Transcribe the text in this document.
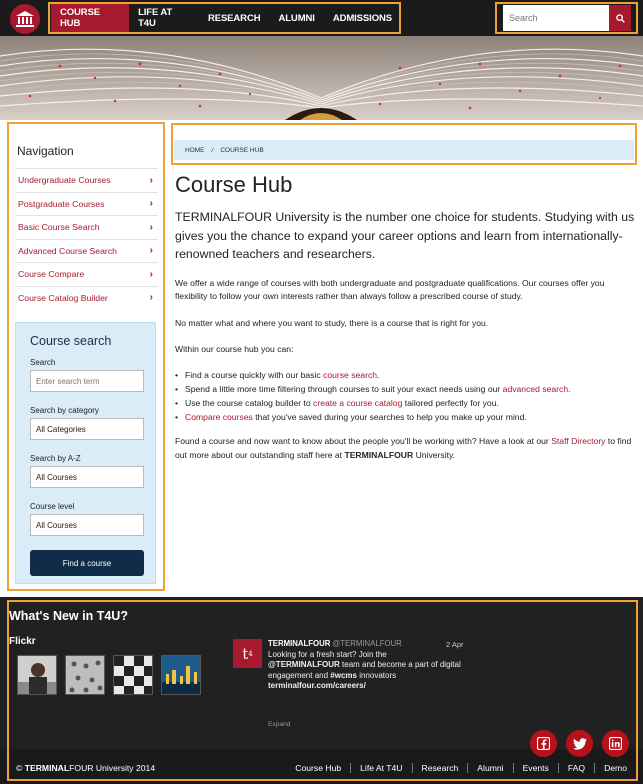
COURSE HUB
LIFE AT T4U	RESEARCH	ALUMNI	ADMISSIONS
Search
Navigation
Undergraduate Courses	›
Postgraduate Courses	›
Basic Course Search	›
Advanced Course Search	›
Course Compare	›
Course Catalog Builder	›
Course search
Search
Enter search term
Search by category
All Categories
Search by A-Z
All Courses
Course level
All Courses
Find a course
HOME / COURSE HUB
Course Hub

TERMINALFOUR University is the number one choice for students. Studying with us gives you the chance to expand your career options and learn from internationally-renowned teachers and researchers.

We offer a wide range of courses with both undergraduate and postgraduate qualifications. Our courses offer you flexibility to follow your own interests rather than always follow a prescribed course of study.

No matter what and where you want to study, there is a course that is right for you.

Within our course hub you can:

• Find a course quickly with our basic course search.
• Spend a little more time filtering through courses to suit your exact needs using our advanced search.
• Use the course catalog builder to create a course catalog tailored perfectly for you.
• Compare courses that you've saved during your searches to help you make up your mind.

Found a course and now want to know about the people you'll be working with? Have a look at our Staff Directory to find out more about our outstanding staff here at TERMINALFOUR University.

What's New in T4U?
Flickr
t 4
TERMINALFOUR @TERMINALFOUR	2 Apr
Looking for a fresh start? Join the
@TERMINALFOUR team and become a part of digital engagement and #wcms innovators
terminalfour.com/careers/
Expand
© TERMINALFOUR University 2014	Course Hub	Life At T4U	Research	Alumni	Events	FAQ	Demo
